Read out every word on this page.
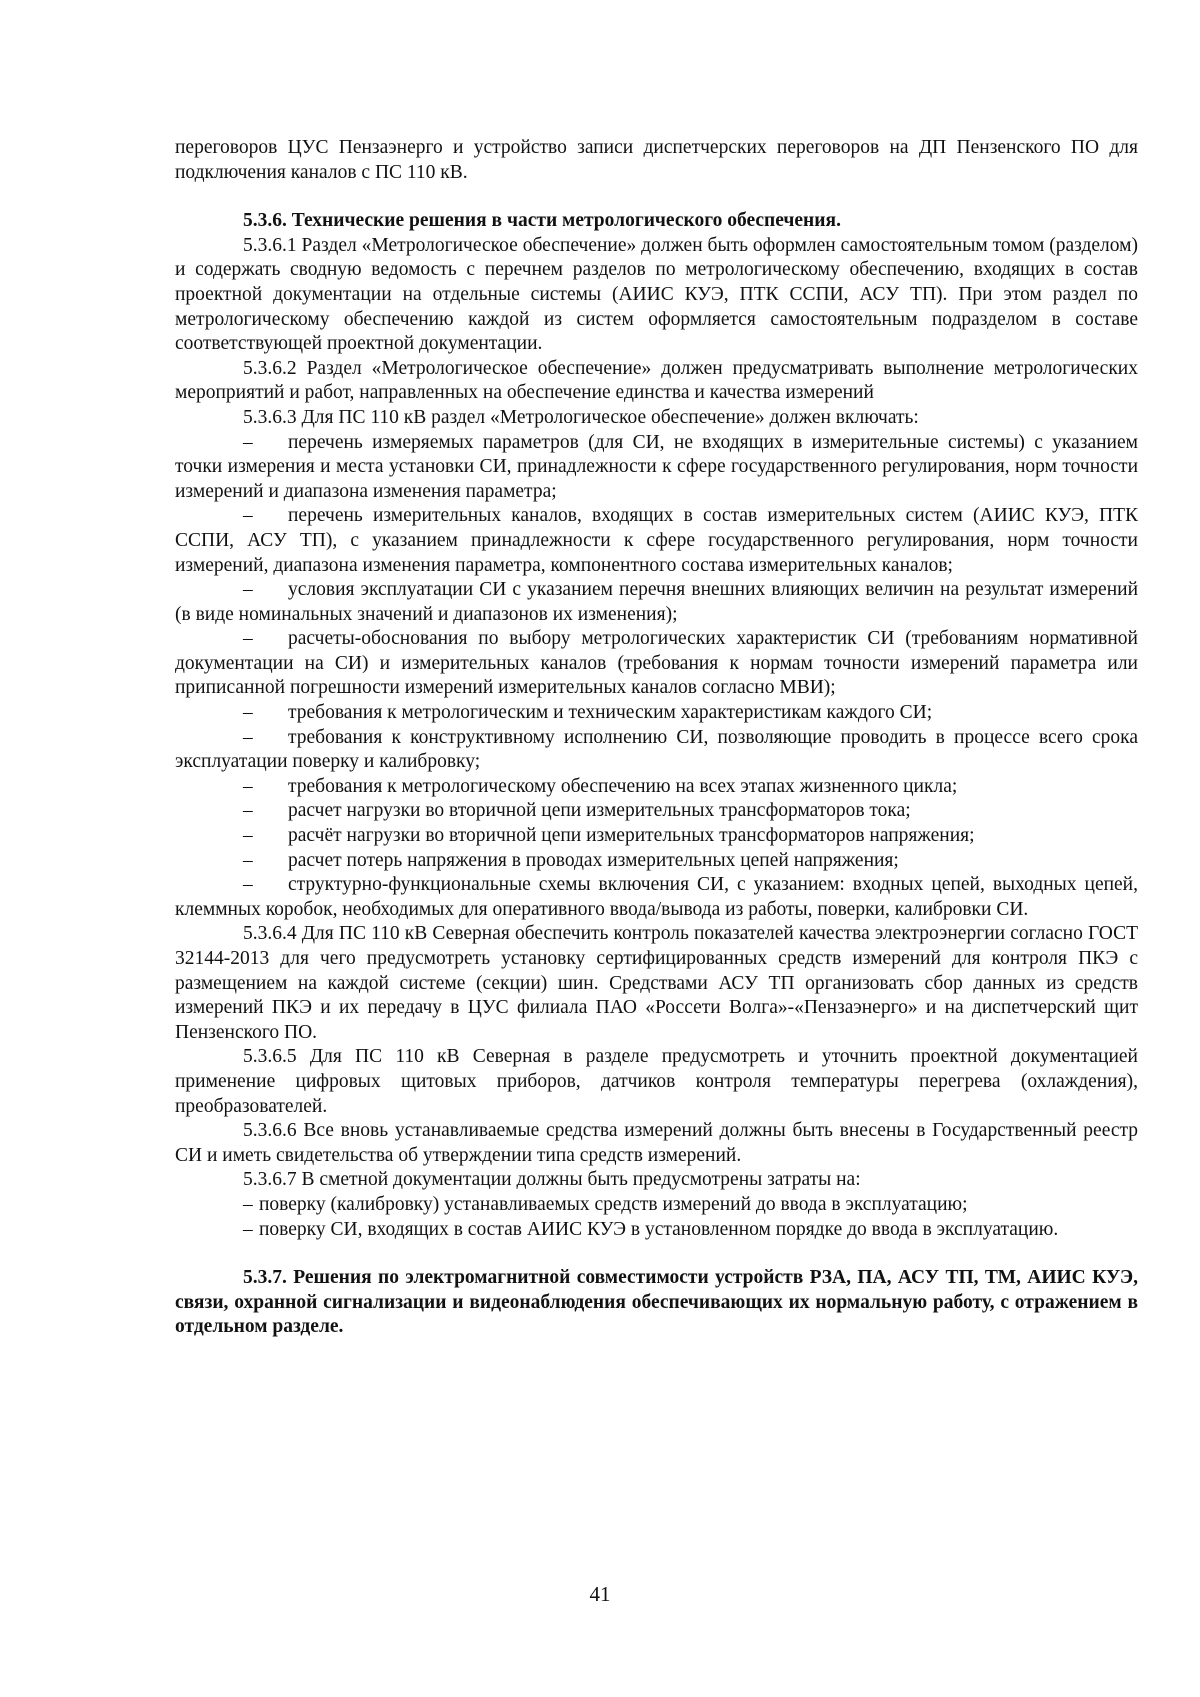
переговоров ЦУС Пензаэнерго и устройство записи диспетчерских переговоров на ДП Пензенского ПО для подключения каналов с ПС 110 кВ.

5.3.6. Технические решения в части метрологического обеспечения.

5.3.6.1 Раздел «Метрологическое обеспечение» должен быть оформлен самостоятельным томом (разделом) и содержать сводную ведомость с перечнем разделов по метрологическому обеспечению, входящих в состав проектной документации на отдельные системы (АИИС КУЭ, ПТК ССПИ, АСУ ТП). При этом раздел по метрологическому обеспечению каждой из систем оформляется самостоятельным подразделом в составе соответствующей проектной документации.

5.3.6.2 Раздел «Метрологическое обеспечение» должен предусматривать выполнение метрологических мероприятий и работ, направленных на обеспечение единства и качества измерений

5.3.6.3 Для ПС 110 кВ раздел «Метрологическое обеспечение» должен включать:

– перечень измеряемых параметров (для СИ, не входящих в измерительные системы) с указанием точки измерения и места установки СИ, принадлежности к сфере государственного регулирования, норм точности измерений и диапазона изменения параметра;

– перечень измерительных каналов, входящих в состав измерительных систем (АИИС КУЭ, ПТК ССПИ, АСУ ТП), с указанием принадлежности к сфере государственного регулирования, норм точности измерений, диапазона изменения параметра, компонентного состава измерительных каналов;

– условия эксплуатации СИ с указанием перечня внешних влияющих величин на результат измерений (в виде номинальных значений и диапазонов их изменения);

– расчеты-обоснования по выбору метрологических характеристик СИ (требованиям нормативной документации на СИ) и измерительных каналов (требования к нормам точности измерений параметра или приписанной погрешности измерений измерительных каналов согласно МВИ);

– требования к метрологическим и техническим характеристикам каждого СИ;

– требования к конструктивному исполнению СИ, позволяющие проводить в процессе всего срока эксплуатации поверку и калибровку;

– требования к метрологическому обеспечению на всех этапах жизненного цикла;

– расчет нагрузки во вторичной цепи измерительных трансформаторов тока;

– расчёт нагрузки во вторичной цепи измерительных трансформаторов напряжения;

– расчет потерь напряжения в проводах измерительных цепей напряжения;

– структурно-функциональные схемы включения СИ, с указанием: входных цепей, выходных цепей, клеммных коробок, необходимых для оперативного ввода/вывода из работы, поверки, калибровки СИ.

5.3.6.4 Для ПС 110 кВ Северная обеспечить контроль показателей качества электроэнергии согласно ГОСТ 32144-2013 для чего предусмотреть установку сертифицированных средств измерений для контроля ПКЭ с размещением на каждой системе (секции) шин. Средствами АСУ ТП организовать сбор данных из средств измерений ПКЭ и их передачу в ЦУС филиала ПАО «Россети Волга»-«Пензаэнерго» и на диспетчерский щит Пензенского ПО.

5.3.6.5 Для ПС 110 кВ Северная в разделе предусмотреть и уточнить проектной документацией применение цифровых щитовых приборов, датчиков контроля температуры перегрева (охлаждения), преобразователей.

5.3.6.6 Все вновь устанавливаемые средства измерений должны быть внесены в Государственный реестр СИ и иметь свидетельства об утверждении типа средств измерений.

5.3.6.7 В сметной документации должны быть предусмотрены затраты на:

– поверку (калибровку) устанавливаемых средств измерений до ввода в эксплуатацию;

– поверку СИ, входящих в состав АИИС КУЭ в установленном порядке до ввода в эксплуатацию.

5.3.7. Решения по электромагнитной совместимости устройств РЗА, ПА, АСУ ТП, ТМ, АИИС КУЭ, связи, охранной сигнализации и видеонаблюдения обеспечивающих их нормальную работу, с отражением в отдельном разделе.

41
